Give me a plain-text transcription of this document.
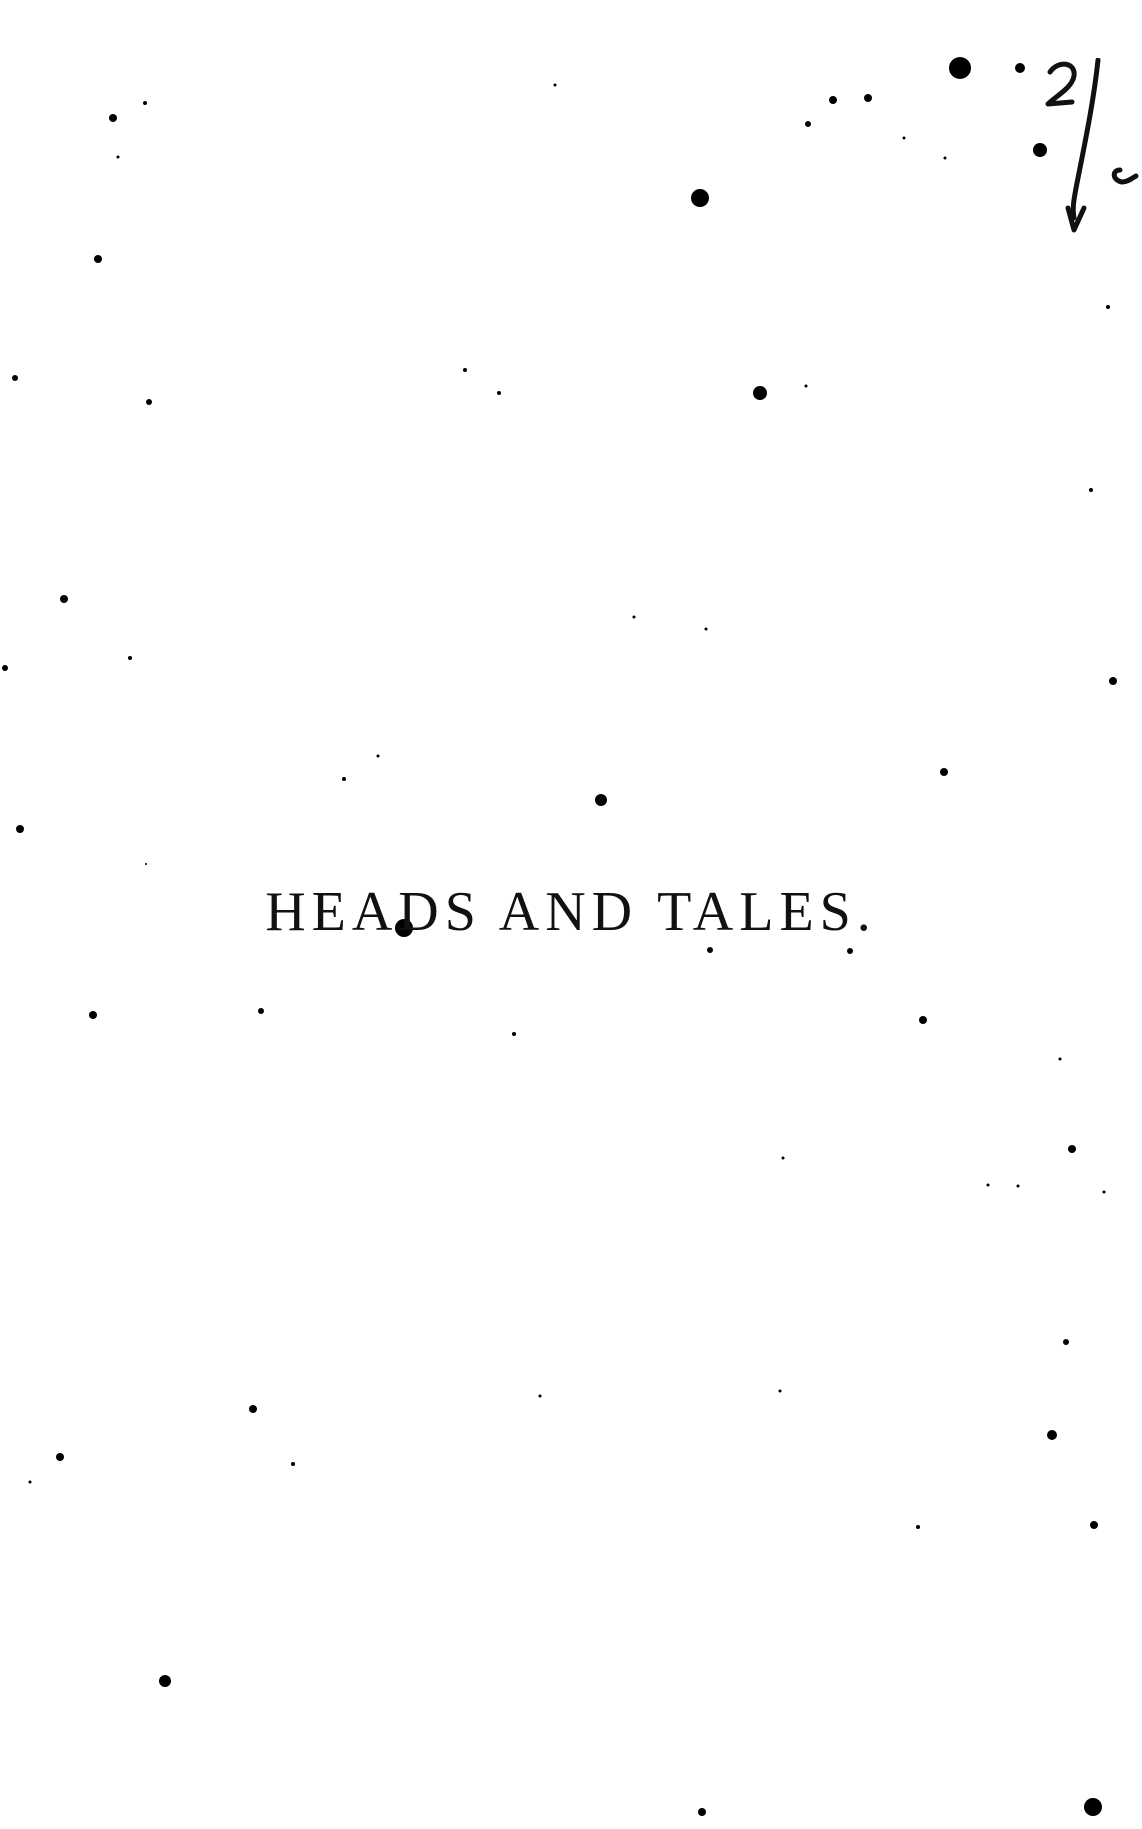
HEADS AND TALES.
